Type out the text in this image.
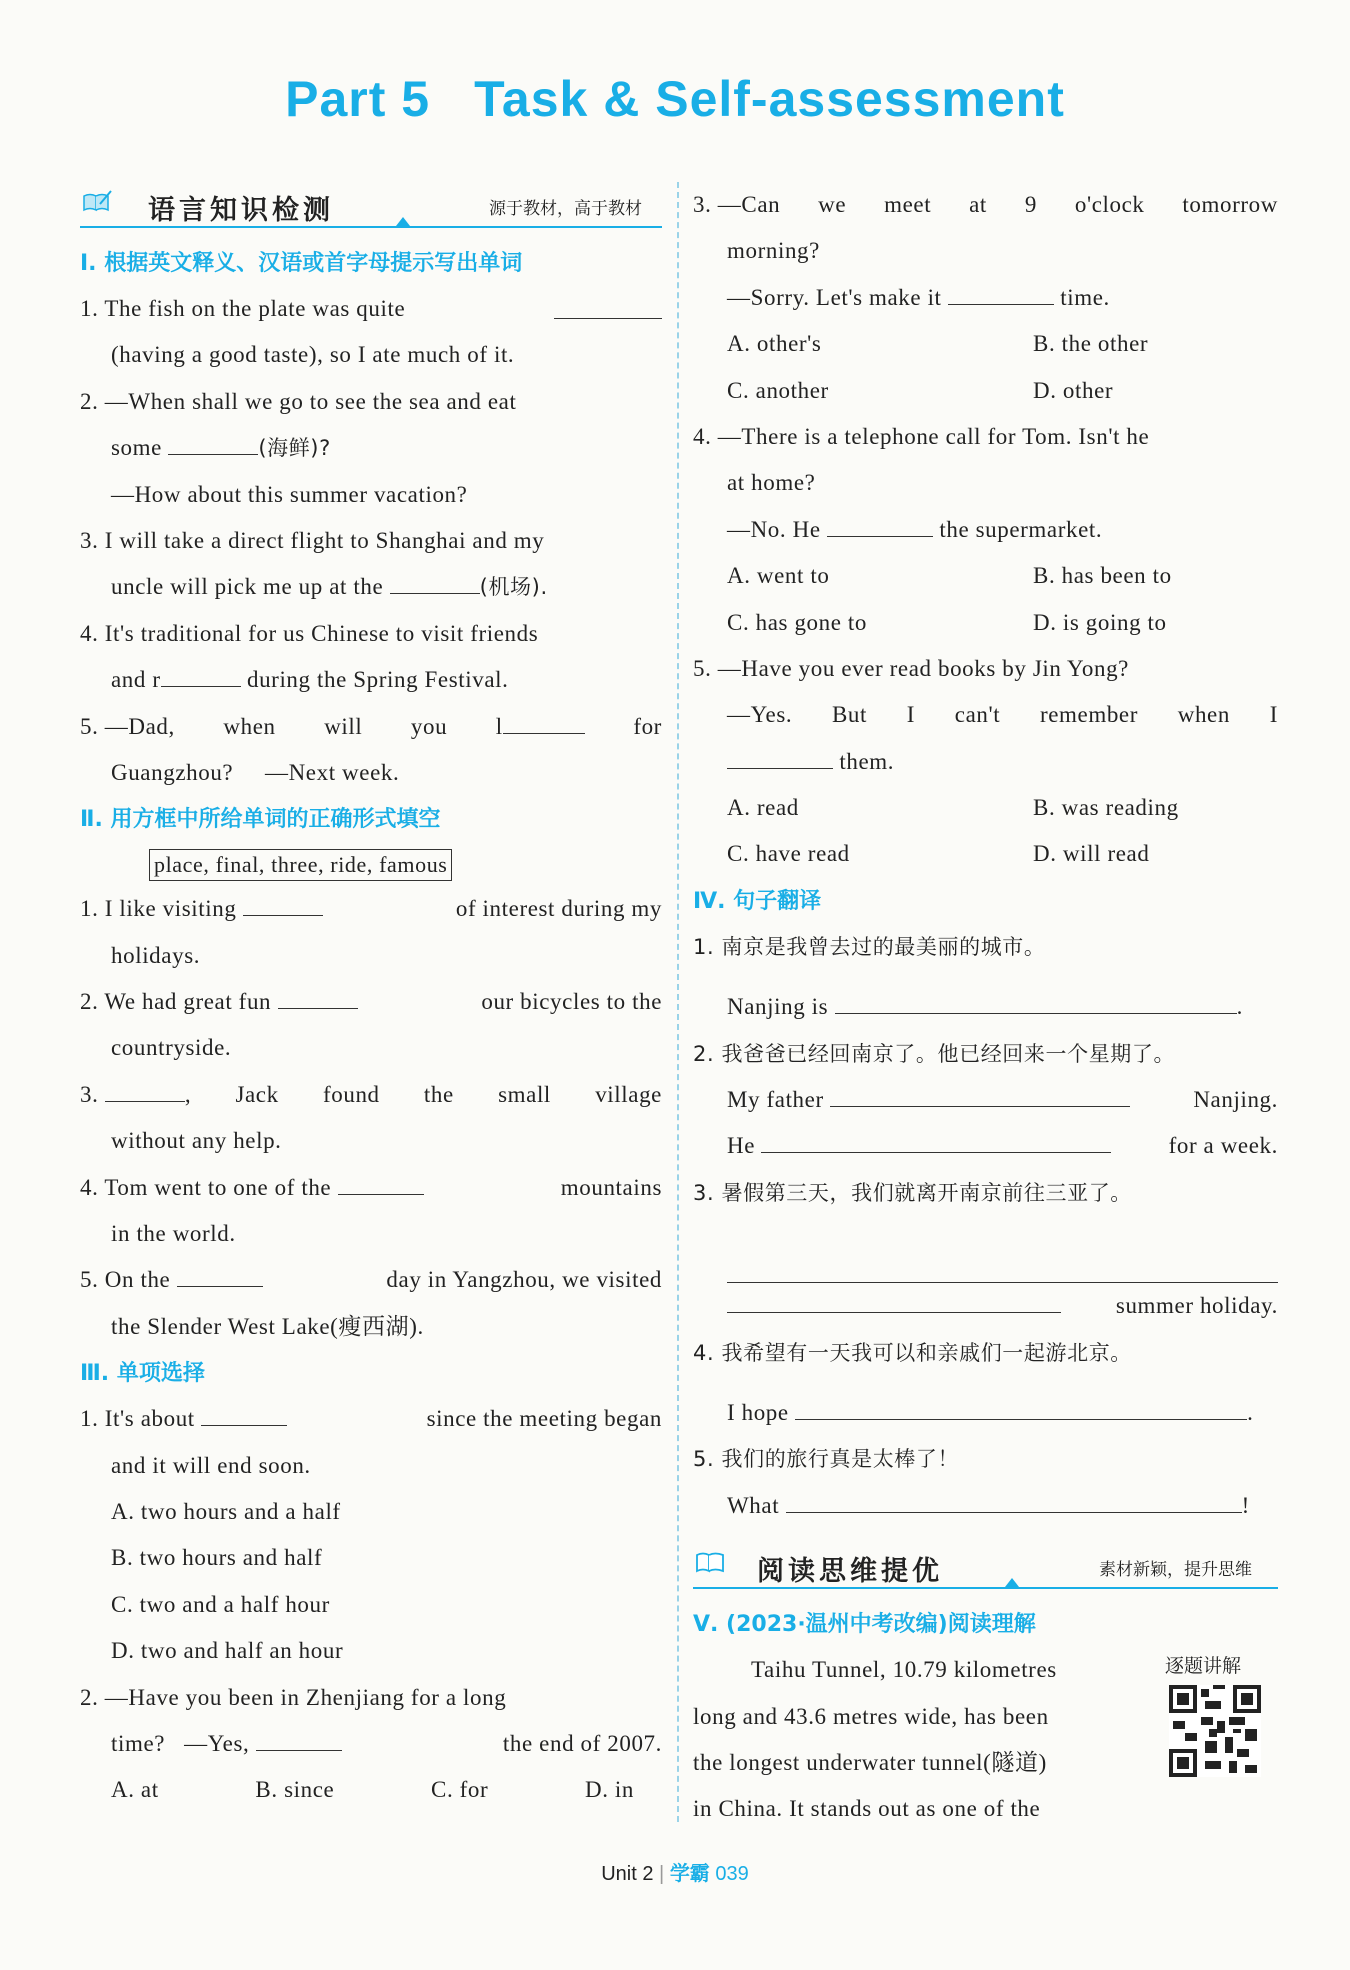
Part 5 Task & Self-assessment
语言知识检测	源于教材，高于教材
Ⅰ. 根据英文释义、汉语或首字母提示写出单词
1. The fish on the plate was quite
(having a good taste), so I ate much of it.
2. —When shall we go to see the sea and eat
some	(海鲜)?
—How about this summer vacation?
3. I will take a direct flight to Shanghai and my
uncle will pick me up at the	(机场).
4. It's traditional for us Chinese to visit friends
and r	during the Spring Festival.
5. —Dad, when will you l	for
Guangzhou? —Next week.
Ⅱ. 用方框中所给单词的正确形式填空
place, final, three, ride, famous
1. I like visiting	of interest during my
holidays.
2. We had great fun	our bicycles to the
countryside.
3.	, Jack found the small village
without any help.
4. Tom went to one of the	mountains
in the world.
5. On the	day in Yangzhou, we visited
the Slender West Lake(瘦西湖).
Ⅲ. 单项选择
1. It's about	since the meeting began
and it will end soon.
A. two hours and a half
B. two hours and half
C. two and a half hour
D. two and half an hour
2. —Have you been in Zhenjiang for a long
time? —Yes,	the end of 2007.
A. at	B. since	C. for	D. in
3. —Can we meet at 9 o'clock tomorrow
morning?
—Sorry. Let's make it	time.
A. other's	B. the other
C. another	D. other
4. —There is a telephone call for Tom. Isn't he
at home?
—No. He	the supermarket.
A. went to	B. has been to
C. has gone to	D. is going to
5. —Have you ever read books by Jin Yong?
—Yes. But I can't remember when I
them.
A. read	B. was reading
C. have read	D. will read
Ⅳ. 句子翻译
1. 南京是我曾去过的最美丽的城市。
Nanjing is	.
2. 我爸爸已经回南京了。他已经回来一个星期了。
My father	Nanjing.
He	for a week.
3. 暑假第三天，我们就离开南京前往三亚了。
summer holiday.
4. 我希望有一天我可以和亲戚们一起游北京。
I hope	.
5. 我们的旅行真是太棒了！
What	!
阅读思维提优	素材新颖，提升思维
Ⅴ. (2023·温州中考改编)阅读理解
Taihu Tunnel, 10.79 kilometres
long and 43.6 metres wide, has been
the longest underwater tunnel(隧道)
in China. It stands out as one of the
逐题讲解
Unit 2 | 学霸 039
